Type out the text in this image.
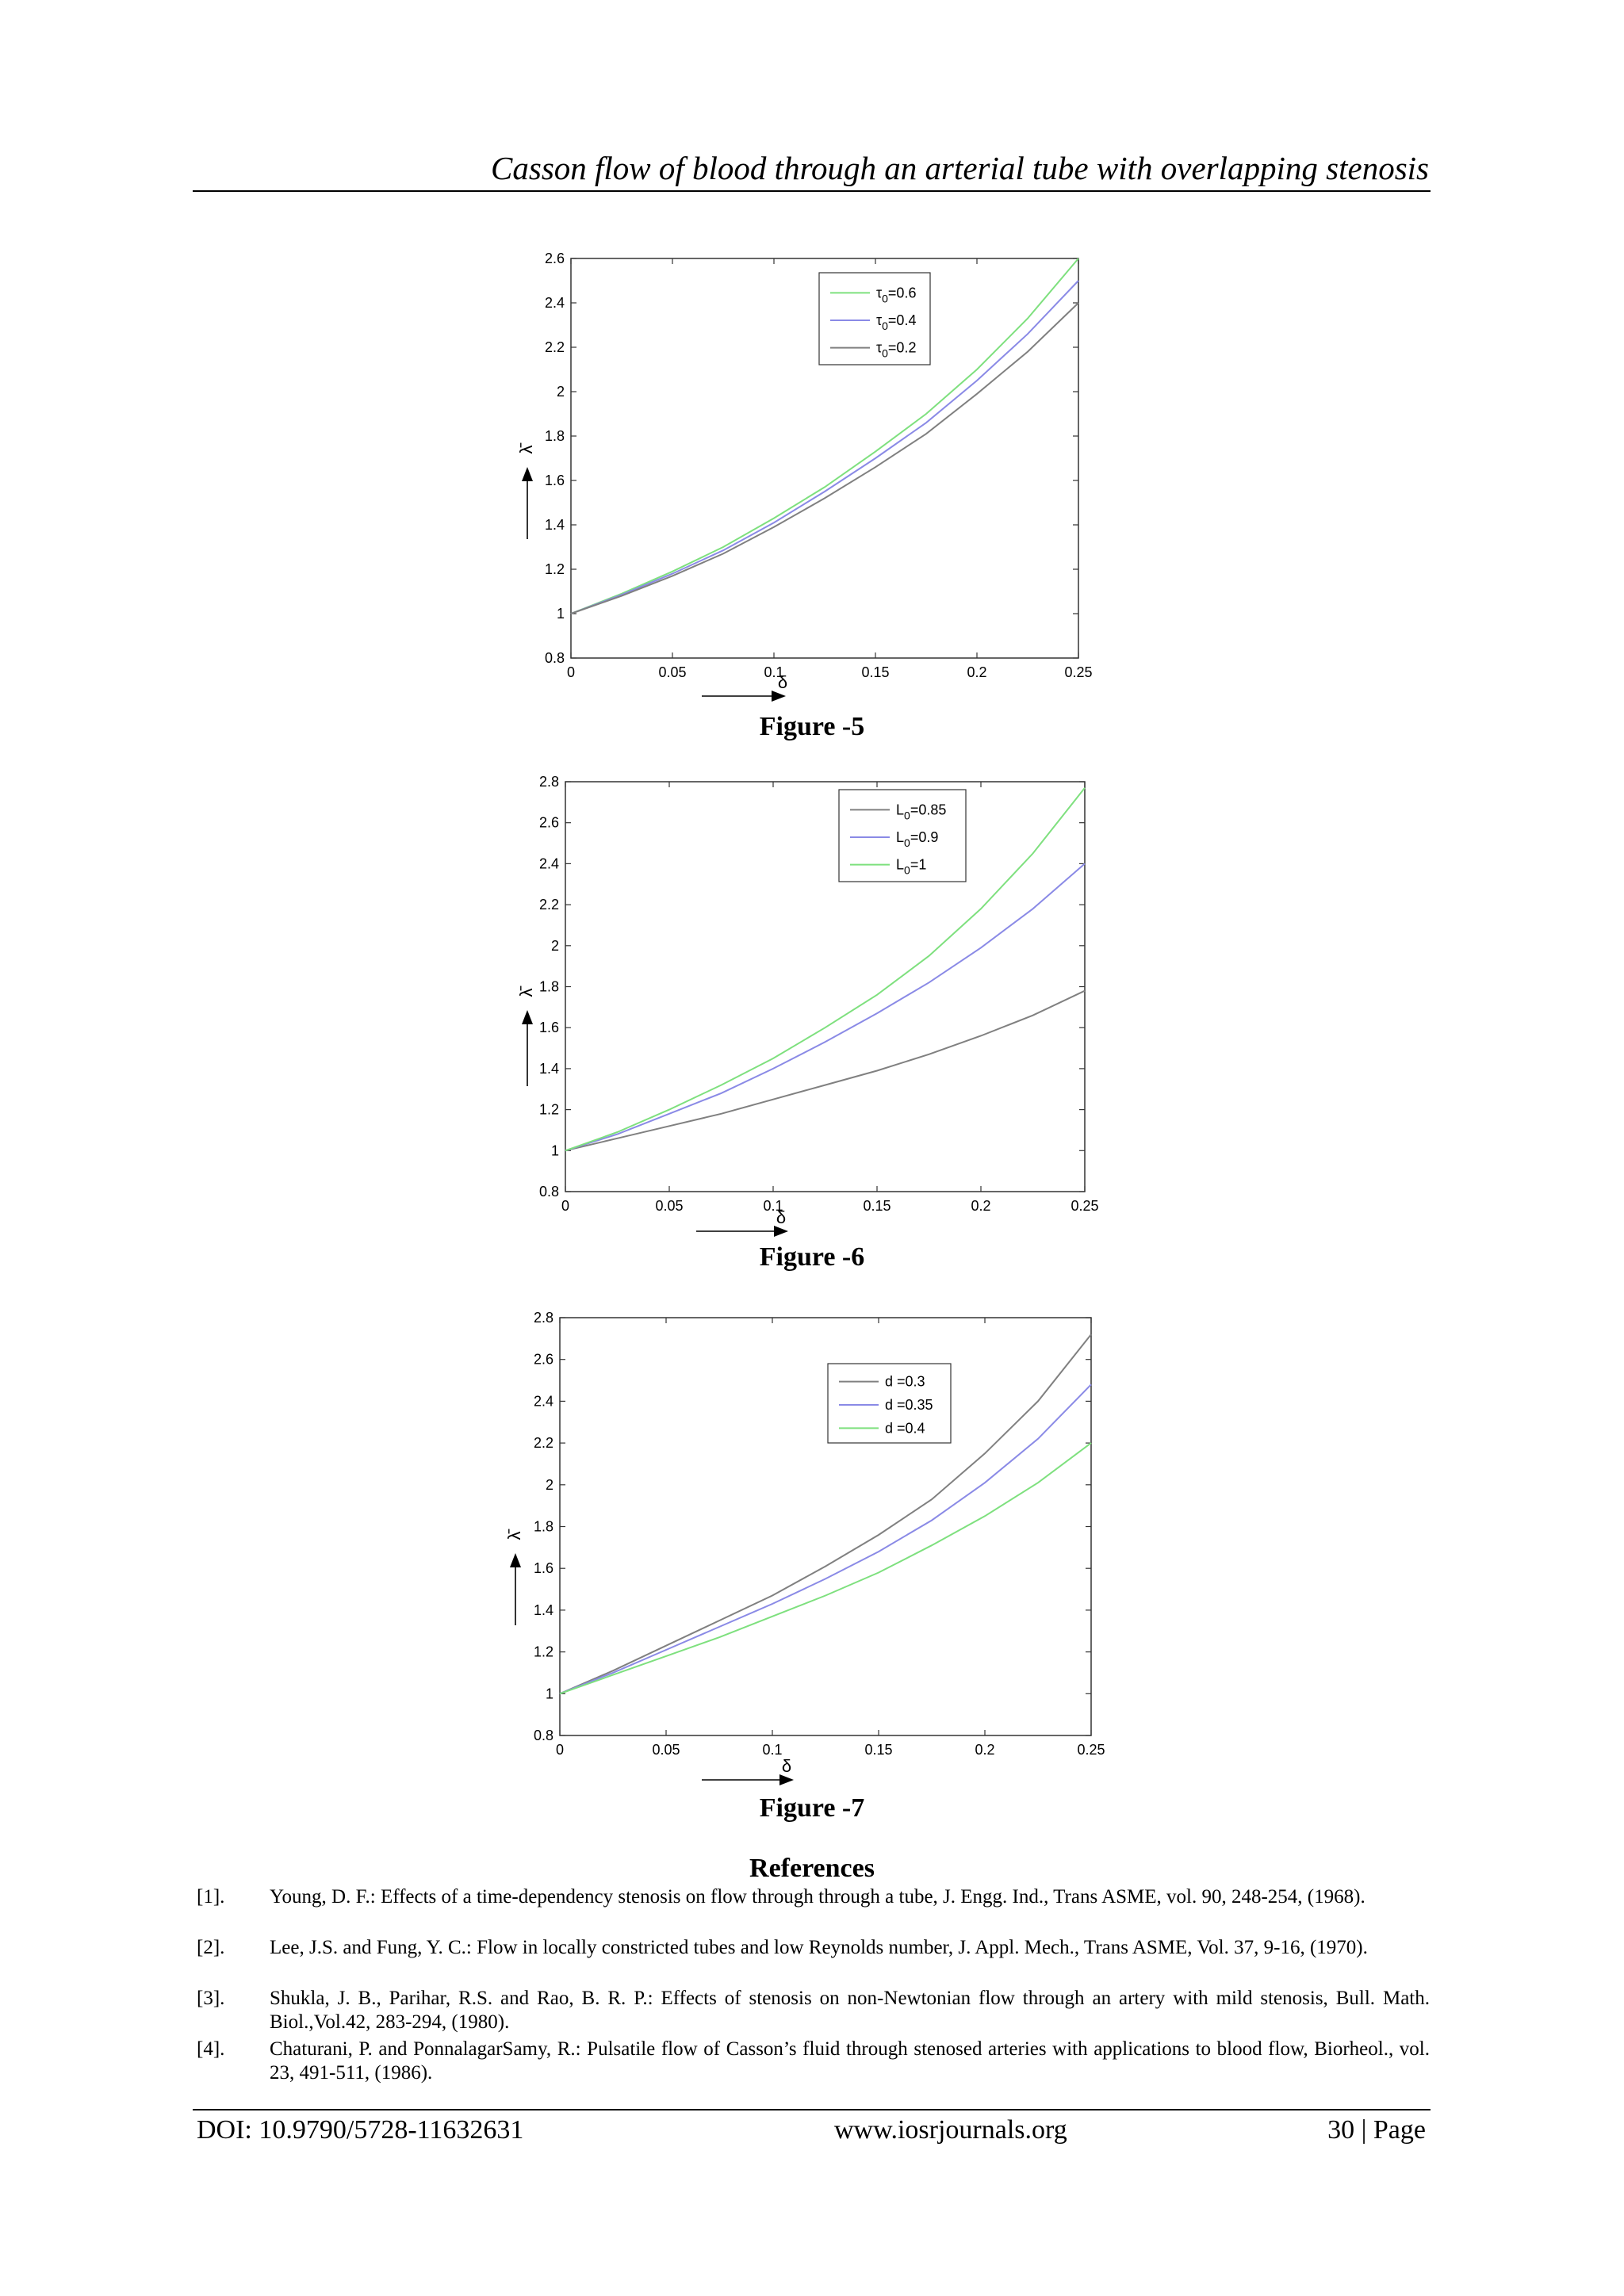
Casson flow of blood through an arterial tube with overlapping stenosis
0.8
1
1.2
1.4
1.6
1.8
2
2.2
2.4
2.6
0	0.05	0.1	0.15	0.2	0.25
$\tau_0=0.6$
$\tau_0=0.4$
$\tau_0=0.2$
λ̄
δ
Figure -5
0.8
1
1.2
1.4
1.6
1.8
2
2.2
2.4
2.6
2.8
0	0.05	0.1	0.15	0.2	0.25
$L_0=0.85$
$L_0=0.9$
$L_0=1$
λ̄
δ
Figure -6
0.8
1
1.2
1.4
1.6
1.8
2
2.2
2.4
2.6
2.8
0	0.05	0.1	0.15	0.2	0.25
d =0.3
d =0.35
d =0.4
λ̄
δ
Figure -7
References
[1]. Young, D. F.: Effects of a time-dependency stenosis on flow through through a tube, J. Engg. Ind., Trans ASME, vol. 90, 248-254, (1968).
[2]. Lee, J.S. and Fung, Y. C.: Flow in locally constricted tubes and low Reynolds number, J. Appl. Mech., Trans ASME, Vol. 37, 9-16, (1970).
[3]. Shukla, J. B., Parihar, R.S. and Rao, B. R. P.: Effects of stenosis on non-Newtonian flow through an artery with mild stenosis, Bull. Math. Biol.,Vol.42, 283-294, (1980).
[4]. Chaturani, P. and PonnalagarSamy, R.: Pulsatile flow of Casson’s fluid through stenosed arteries with applications to blood flow, Biorheol., vol. 23, 491-511, (1986).
DOI: 10.9790/5728-11632631	www.iosrjournals.org	30 | Page
